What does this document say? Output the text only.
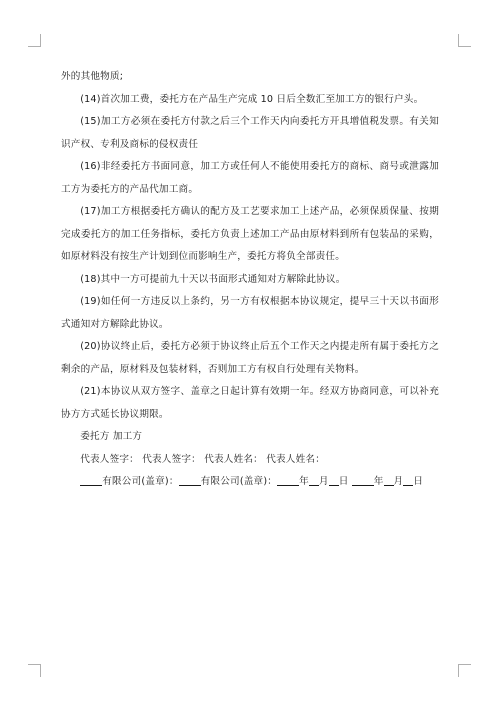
外的其他物质;

(14)首次加工费，委托方在产品生产完成 10 日后全数汇至加工方的银行户头。

(15)加工方必须在委托方付款之后三个工作天内向委托方开具增值税发票。有关知识产权、专利及商标的侵权责任

(16)非经委托方书面同意，加工方或任何人不能使用委托方的商标、商号或泄露加工方为委托方的产品代加工商。

(17)加工方根据委托方确认的配方及工艺要求加工上述产品，必须保质保量、按期完成委托方的加工任务指标，委托方负责上述加工产品由原材料到所有包装品的采购，如原材料没有按生产计划到位而影响生产，委托方将负全部责任。

(18)其中一方可提前九十天以书面形式通知对方解除此协议。

(19)如任何一方违反以上条约，另一方有权根据本协议规定，提早三十天以书面形式通知对方解除此协议。

(20)协议终止后，委托方必须于协议终止后五个工作天之内提走所有属于委托方之剩余的产品，原材料及包装材料，否则加工方有权自行处理有关物料。

(21)本协议从双方签字、盖章之日起计算有效期一年。经双方协商同意，可以补充协方方式延长协议期限。

委托方 加工方

代表人签字： 代表人签字： 代表人姓名： 代表人姓名：

有限公司(盖章)： 有限公司(盖章)： 年 月 日	年 月 日
